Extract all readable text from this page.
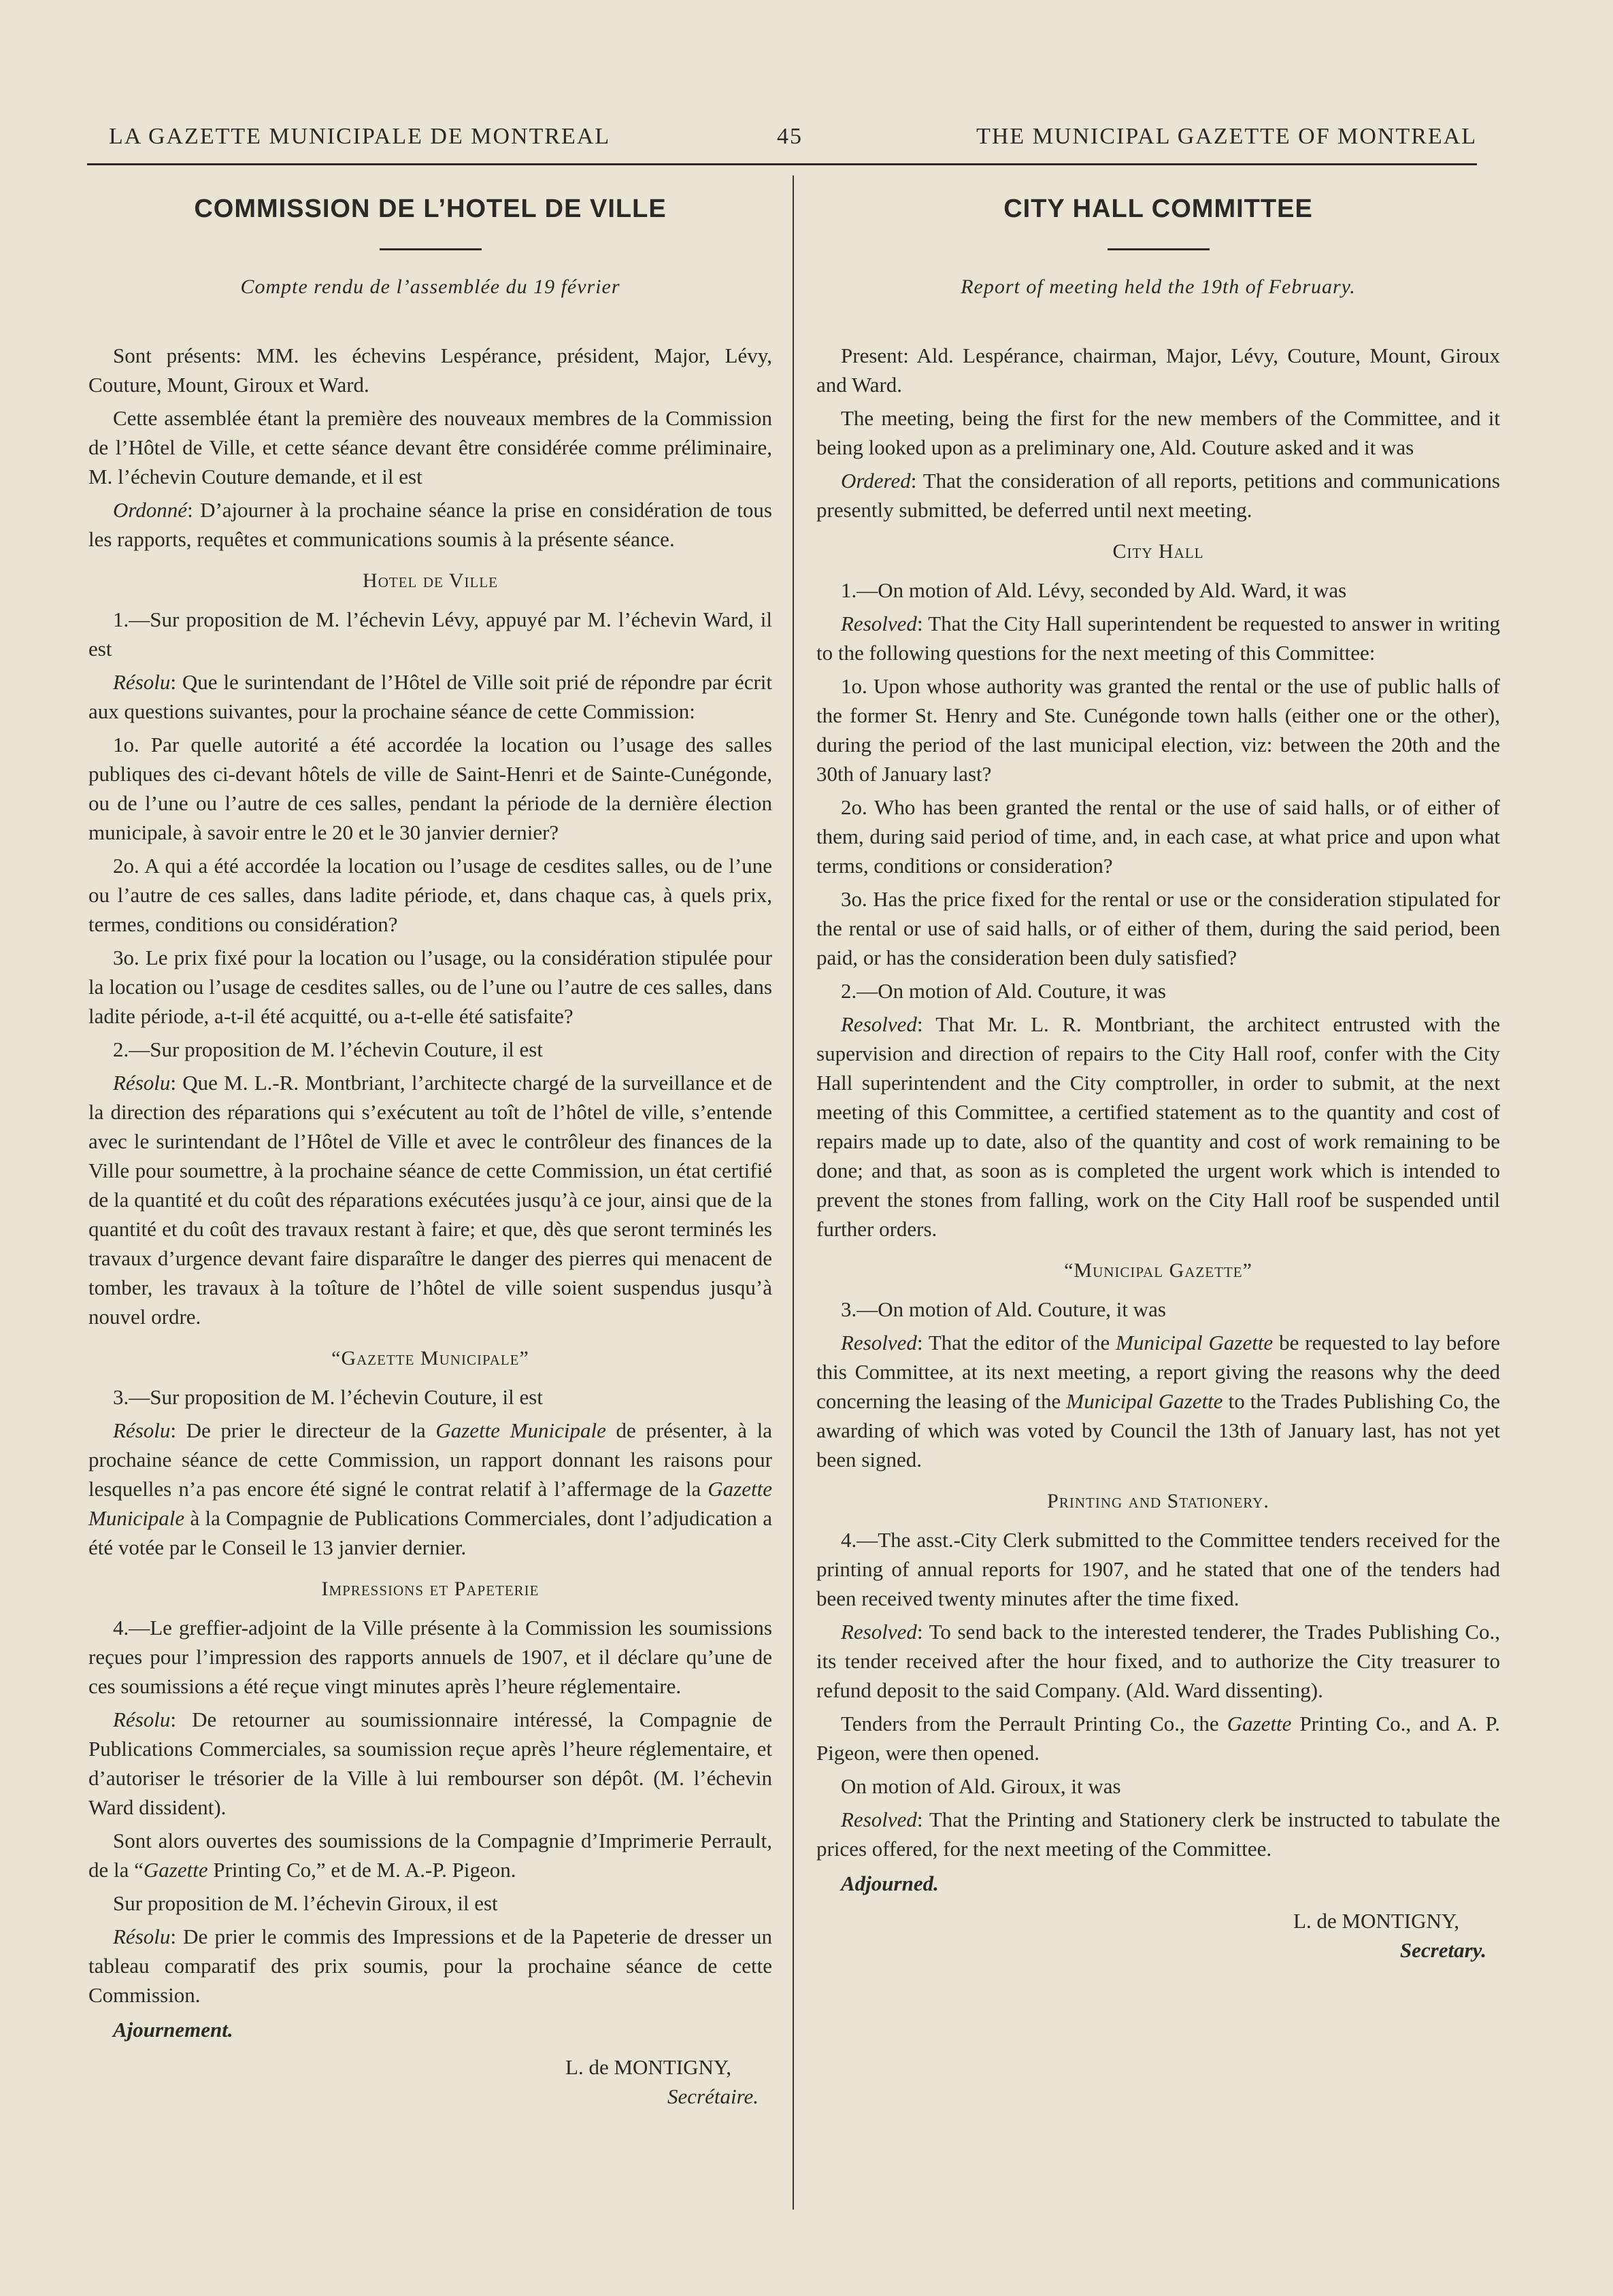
LA GAZETTE MUNICIPALE DE MONTREAL	45	THE MUNICIPAL GAZETTE OF MONTREAL
COMMISSION DE L’HOTEL DE VILLE
Compte rendu de l’assemblée du 19 février

Sont présents: MM. les échevins Lespérance, président, Major, Lévy, Couture, Mount, Giroux et Ward.

Cette assemblée étant la première des nouveaux membres de la Commission de l’Hôtel de Ville, et cette séance devant être considérée comme préliminaire, M. l’échevin Couture demande, et il est

Ordonné: D’ajourner à la prochaine séance la prise en considération de tous les rapports, requêtes et communications soumis à la présente séance.

Hotel de Ville

1.—Sur proposition de M. l’échevin Lévy, appuyé par M. l’échevin Ward, il est

Résolu: Que le surintendant de l’Hôtel de Ville soit prié de répondre par écrit aux questions suivantes, pour la prochaine séance de cette Commission:

1o. Par quelle autorité a été accordée la location ou l’usage des salles publiques des ci-devant hôtels de ville de Saint-Henri et de Sainte-Cunégonde, ou de l’une ou l’autre de ces salles, pendant la période de la dernière élection municipale, à savoir entre le 20 et le 30 janvier dernier?

2o. A qui a été accordée la location ou l’usage de cesdites salles, ou de l’une ou l’autre de ces salles, dans ladite période, et, dans chaque cas, à quels prix, termes, conditions ou considération?

3o. Le prix fixé pour la location ou l’usage, ou la considération stipulée pour la location ou l’usage de cesdites salles, ou de l’une ou l’autre de ces salles, dans ladite période, a-t-il été acquitté, ou a-t-elle été satisfaite?

2.—Sur proposition de M. l’échevin Couture, il est

Résolu: Que M. L.-R. Montbriant, l’architecte chargé de la surveillance et de la direction des réparations qui s’exécutent au toît de l’hôtel de ville, s’entende avec le surintendant de l’Hôtel de Ville et avec le contrôleur des finances de la Ville pour soumettre, à la prochaine séance de cette Commission, un état certifié de la quantité et du coût des réparations exécutées jusqu’à ce jour, ainsi que de la quantité et du coût des travaux restant à faire; et que, dès que seront terminés les travaux d’urgence devant faire disparaître le danger des pierres qui menacent de tomber, les travaux à la toîture de l’hôtel de ville soient suspendus jusqu’à nouvel ordre.

“Gazette Municipale”

3.—Sur proposition de M. l’échevin Couture, il est

Résolu: De prier le directeur de la Gazette Municipale de présenter, à la prochaine séance de cette Commission, un rapport donnant les raisons pour lesquelles n’a pas encore été signé le contrat relatif à l’affermage de la Gazette Municipale à la Compagnie de Publications Commerciales, dont l’adjudication a été votée par le Conseil le 13 janvier dernier.

Impressions et Papeterie

4.—Le greffier-adjoint de la Ville présente à la Commission les soumissions reçues pour l’impression des rapports annuels de 1907, et il déclare qu’une de ces soumissions a été reçue vingt minutes après l’heure réglementaire.

Résolu: De retourner au soumissionnaire intéressé, la Compagnie de Publications Commerciales, sa soumission reçue après l’heure réglementaire, et d’autoriser le trésorier de la Ville à lui rembourser son dépôt. (M. l’échevin Ward dissident).

Sont alors ouvertes des soumissions de la Compagnie d’Imprimerie Perrault, de la “Gazette Printing Co,” et de M. A.-P. Pigeon.

Sur proposition de M. l’échevin Giroux, il est

Résolu: De prier le commis des Impressions et de la Papeterie de dresser un tableau comparatif des prix soumis, pour la prochaine séance de cette Commission.

Ajournement.

L. de MONTIGNY,

Secrétaire.

CITY HALL COMMITTEE
Report of meeting held the 19th of February.

Present: Ald. Lespérance, chairman, Major, Lévy, Couture, Mount, Giroux and Ward.

The meeting, being the first for the new members of the Committee, and it being looked upon as a preliminary one, Ald. Couture asked and it was

Ordered: That the consideration of all reports, petitions and communications presently submitted, be deferred until next meeting.

City Hall

1.—On motion of Ald. Lévy, seconded by Ald. Ward, it was

Resolved: That the City Hall superintendent be requested to answer in writing to the following questions for the next meeting of this Committee:

1o. Upon whose authority was granted the rental or the use of public halls of the former St. Henry and Ste. Cunégonde town halls (either one or the other), during the period of the last municipal election, viz: between the 20th and the 30th of January last?

2o. Who has been granted the rental or the use of said halls, or of either of them, during said period of time, and, in each case, at what price and upon what terms, conditions or consideration?

3o. Has the price fixed for the rental or use or the consideration stipulated for the rental or use of said halls, or of either of them, during the said period, been paid, or has the consideration been duly satisfied?

2.—On motion of Ald. Couture, it was

Resolved: That Mr. L. R. Montbriant, the architect entrusted with the supervision and direction of repairs to the City Hall roof, confer with the City Hall superintendent and the City comptroller, in order to submit, at the next meeting of this Committee, a certified statement as to the quantity and cost of repairs made up to date, also of the quantity and cost of work remaining to be done; and that, as soon as is completed the urgent work which is intended to prevent the stones from falling, work on the City Hall roof be suspended until further orders.

“Municipal Gazette”

3.—On motion of Ald. Couture, it was

Resolved: That the editor of the Municipal Gazette be requested to lay before this Committee, at its next meeting, a report giving the reasons why the deed concerning the leasing of the Municipal Gazette to the Trades Publishing Co, the awarding of which was voted by Council the 13th of January last, has not yet been signed.

Printing and Stationery.

4.—The asst.-City Clerk submitted to the Committee tenders received for the printing of annual reports for 1907, and he stated that one of the tenders had been received twenty minutes after the time fixed.

Resolved: To send back to the interested tenderer, the Trades Publishing Co., its tender received after the hour fixed, and to authorize the City treasurer to refund deposit to the said Company. (Ald. Ward dissenting).

Tenders from the Perrault Printing Co., the Gazette Printing Co., and A. P. Pigeon, were then opened.

On motion of Ald. Giroux, it was

Resolved: That the Printing and Stationery clerk be instructed to tabulate the prices offered, for the next meeting of the Committee.

Adjourned.

L. de MONTIGNY,

Secretary.
